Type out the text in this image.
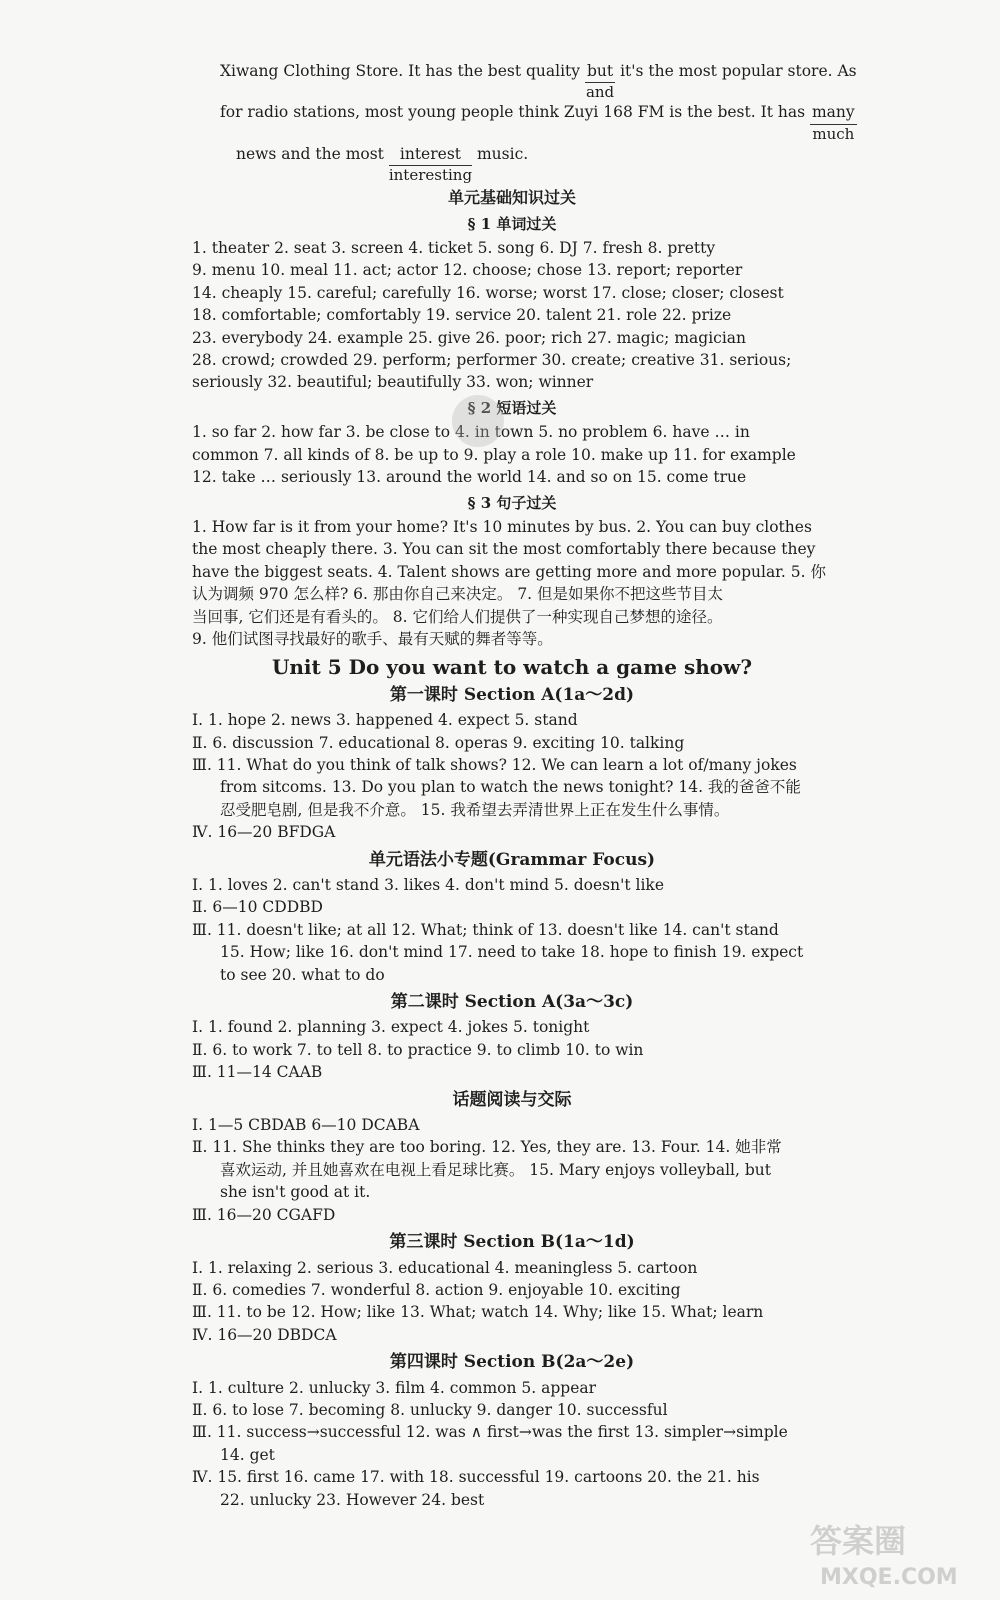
Xiwang Clothing Store. It has the best quality but
and
it's the most popular store. As
for radio stations, most young people think Zuyi 168 FM is the best. It has many
much
news and the most	interest
interesting
music.
单元基础知识过关
§ 1 单词过关
1. theater 2. seat 3. screen 4. ticket 5. song 6. DJ 7. fresh 8. pretty
9. menu 10. meal 11. act; actor 12. choose; chose 13. report; reporter
14. cheaply 15. careful; carefully 16. worse; worst 17. close; closer; closest
18. comfortable; comfortably 19. service 20. talent 21. role 22. prize
23. everybody 24. example 25. give 26. poor; rich 27. magic; magician
28. crowd; crowded 29. perform; performer 30. create; creative 31. serious;
seriously 32. beautiful; beautifully 33. won; winner
§ 2 短语过关
1. so far 2. how far 3. be close to 4. in town 5. no problem 6. have … in
common 7. all kinds of 8. be up to 9. play a role 10. make up 11. for example
12. take … seriously 13. around the world 14. and so on 15. come true
§ 3 句子过关
1. How far is it from your home? It's 10 minutes by bus. 2. You can buy clothes
the most cheaply there. 3. You can sit the most comfortably there because they
have the biggest seats. 4. Talent shows are getting more and more popular. 5. 你
认为调频 970 怎么样? 6. 那由你自己来决定。 7. 但是如果你不把这些节目太
当回事, 它们还是有看头的。 8. 它们给人们提供了一种实现自己梦想的途径。
9. 他们试图寻找最好的歌手、最有天赋的舞者等等。
Unit 5 Do you want to watch a game show?
第一课时 Section A(1a～2d)
Ⅰ. 1. hope 2. news 3. happened 4. expect 5. stand
Ⅱ. 6. discussion 7. educational 8. operas 9. exciting 10. talking
Ⅲ. 11. What do you think of talk shows? 12. We can learn a lot of/many jokes
from sitcoms. 13. Do you plan to watch the news tonight? 14. 我的爸爸不能
忍受肥皂剧, 但是我不介意。 15. 我希望去弄清世界上正在发生什么事情。
Ⅳ. 16—20 BFDGA
单元语法小专题(Grammar Focus)
Ⅰ. 1. loves 2. can't stand 3. likes 4. don't mind 5. doesn't like
Ⅱ. 6—10 CDDBD
Ⅲ. 11. doesn't like; at all 12. What; think of 13. doesn't like 14. can't stand
15. How; like 16. don't mind 17. need to take 18. hope to finish 19. expect
to see 20. what to do
第二课时 Section A(3a～3c)
Ⅰ. 1. found 2. planning 3. expect 4. jokes 5. tonight
Ⅱ. 6. to work 7. to tell 8. to practice 9. to climb 10. to win
Ⅲ. 11—14 CAAB
话题阅读与交际
Ⅰ. 1—5 CBDAB 6—10 DCABA
Ⅱ. 11. She thinks they are too boring. 12. Yes, they are. 13. Four. 14. 她非常
喜欢运动, 并且她喜欢在电视上看足球比赛。 15. Mary enjoys volleyball, but
she isn't good at it.
Ⅲ. 16—20 CGAFD
第三课时 Section B(1a～1d)
Ⅰ. 1. relaxing 2. serious 3. educational 4. meaningless 5. cartoon
Ⅱ. 6. comedies 7. wonderful 8. action 9. enjoyable 10. exciting
Ⅲ. 11. to be 12. How; like 13. What; watch 14. Why; like 15. What; learn
Ⅳ. 16—20 DBDCA
第四课时 Section B(2a～2e)
Ⅰ. 1. culture 2. unlucky 3. film 4. common 5. appear
Ⅱ. 6. to lose 7. becoming 8. unlucky 9. danger 10. successful
Ⅲ. 11. success→successful 12. was ∧ first→was the first 13. simpler→simple
14. get
Ⅳ. 15. first 16. came 17. with 18. successful 19. cartoons 20. the 21. his
22. unlucky 23. However 24. best
答案圈
MXQE.COM
